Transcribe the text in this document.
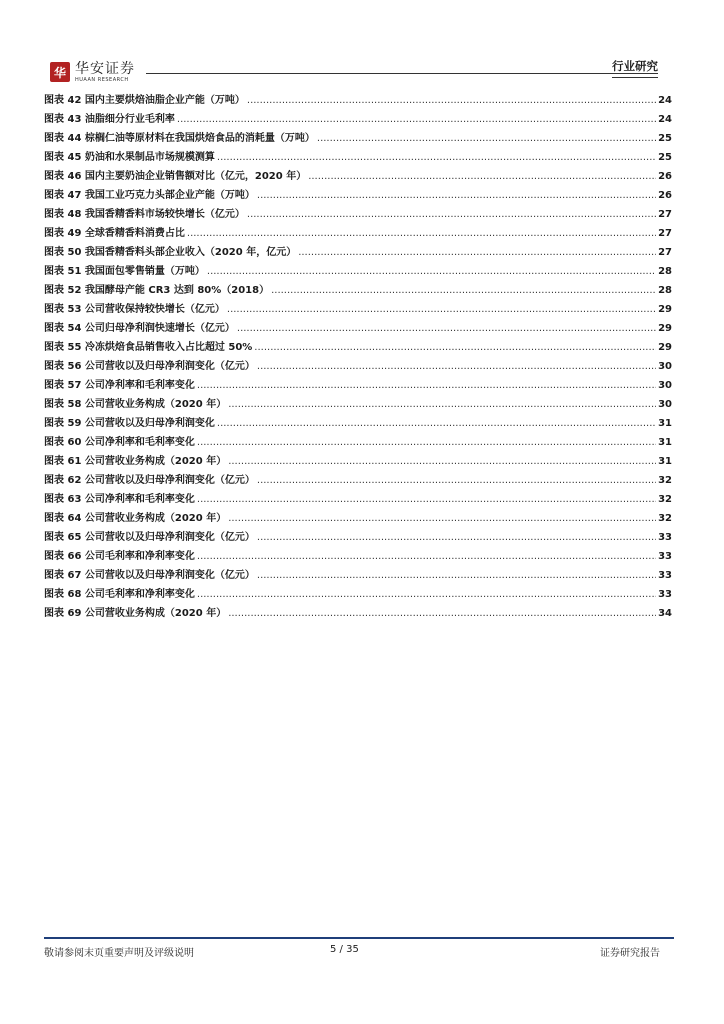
华 华安证券
HUAAN RESEARCH
行业研究
图表 42 国内主要烘焙油脂企业产能（万吨） .....	24
图表 43 油脂细分行业毛利率 .....	24
图表 44 棕榈仁油等原材料在我国烘焙食品的消耗量（万吨） .....	25
图表 45 奶油和水果制品市场规模测算 .....	25
图表 46 国内主要奶油企业销售额对比（亿元，2020 年） .....	26
图表 47 我国工业巧克力头部企业产能（万吨） .....	26
图表 48 我国香精香料市场较快增长（亿元） .....	27
图表 49 全球香精香料消费占比 .....	27
图表 50 我国香精香料头部企业收入（2020 年，亿元） .....	27
图表 51 我国面包零售销量（万吨） .....	28
图表 52 我国酵母产能 CR3 达到 80%（2018） .....	28
图表 53 公司营收保持较快增长（亿元） .....	29
图表 54 公司归母净利润快速增长（亿元） .....	29
图表 55 冷冻烘焙食品销售收入占比超过 50% .....	29
图表 56 公司营收以及归母净利润变化（亿元） .....	30
图表 57 公司净利率和毛利率变化 .....	30
图表 58 公司营收业务构成（2020 年） .....	30
图表 59 公司营收以及归母净利润变化 .....	31
图表 60 公司净利率和毛利率变化 .....	31
图表 61 公司营收业务构成（2020 年） .....	31
图表 62 公司营收以及归母净利润变化（亿元） .....	32
图表 63 公司净利率和毛利率变化 .....	32
图表 64 公司营收业务构成（2020 年） .....	32
图表 65 公司营收以及归母净利润变化（亿元） .....	33
图表 66 公司毛利率和净利率变化 .....	33
图表 67 公司营收以及归母净利润变化（亿元） .....	33
图表 68 公司毛利率和净利率变化 .....	33
图表 69 公司营收业务构成（2020 年） .....	34
敬请参阅末页重要声明及评级说明	5 / 35	证券研究报告
